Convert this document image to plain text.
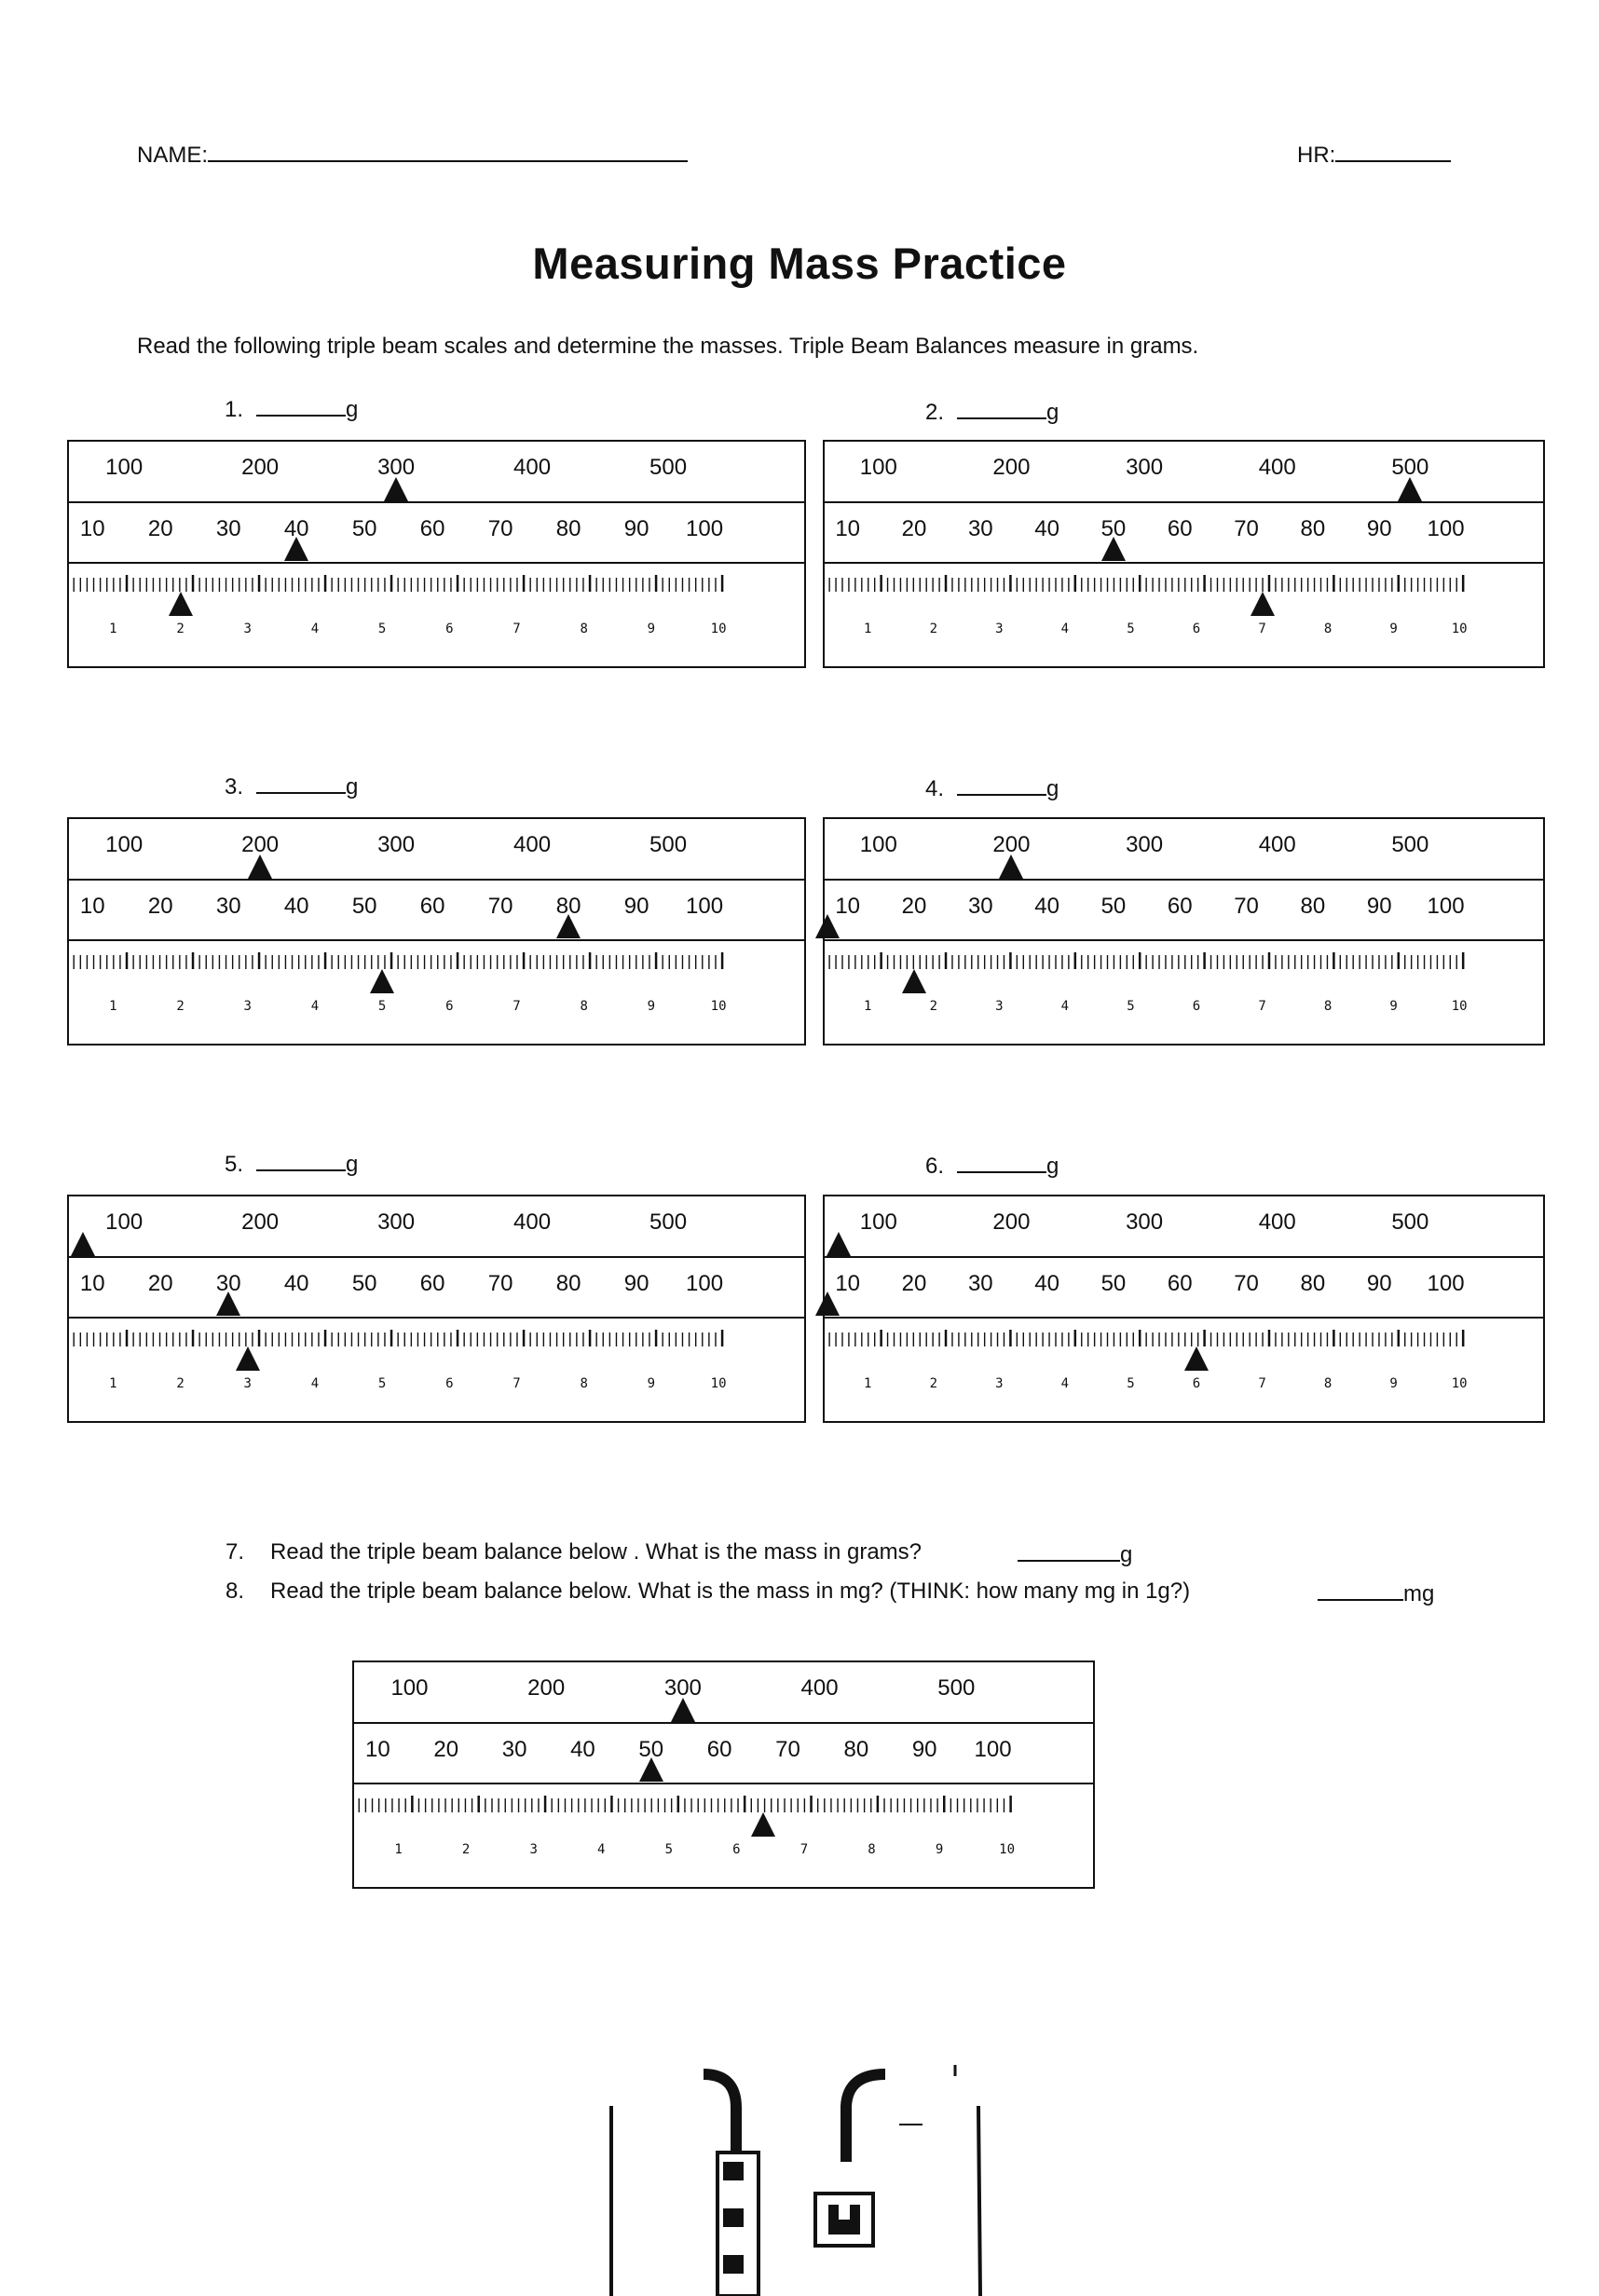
NAME:	HR:
Measuring Mass Practice
Read the following triple beam scales and determine the masses. Triple Beam Balances measure in grams.
1.	g	2.	g
3.	g	4.	g
5.	g	6.	g
100	200	300	400	500
10 20 30 40 50 60 70 80 90 100
1	2	3	4	5	6	7	8	9	10
100	200	300	400	500
10 20 30 40 50 60 70 80 90 100
1	2	3	4	5	6	7	8	9	10
100	200	300	400	500
10 20 30 40 50 60 70 80 90 100
1	2	3	4	5	6	7	8	9	10
100	200	300	400	500
10 20 30 40 50 60 70 80 90 100
1	2	3	4	5	6	7	8	9	10
100	200	300	400	500
10 20 30 40 50 60 70 80 90 100
1	2	3	4	5	6	7	8	9	10
100	200	300	400	500
10 20 30 40 50 60 70 80 90 100
1	2	3	4	5	6	7	8	9	10
7. Read the triple beam balance below . What is the mass in grams?	g
8. Read the triple beam balance below. What is the mass in mg? (THINK: how many mg in 1g?)	mg
100	200	300	400	500
10 20 30 40 50 60 70 80 90 100
1	2	3	4	5	6	7	8	9	10
